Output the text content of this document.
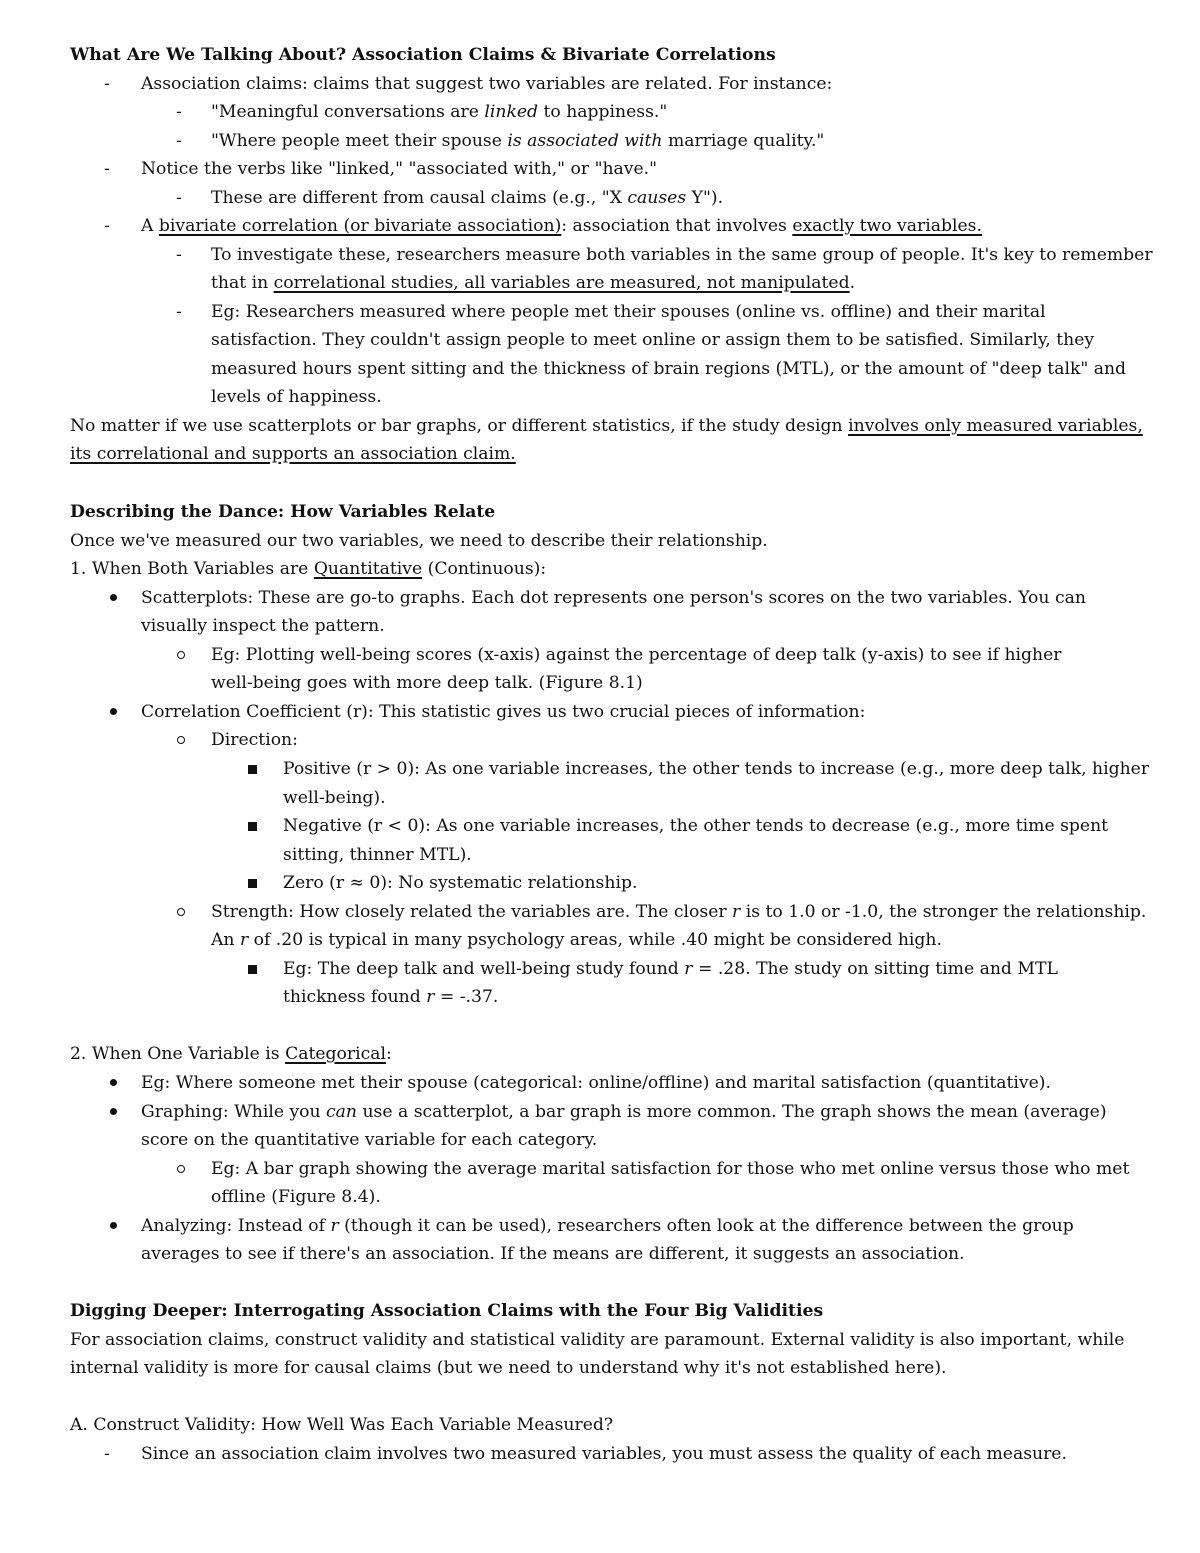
What Are We Talking About? Association Claims & Bivariate Correlations
- Association claims: claims that suggest two variables are related. For instance:
- "Meaningful conversations are linked to happiness."
- "Where people meet their spouse is associated with marriage quality."
- Notice the verbs like "linked," "associated with," or "have."
- These are different from causal claims (e.g., "X causes Y").
- A bivariate correlation (or bivariate association): association that involves exactly two variables.
- To investigate these, researchers measure both variables in the same group of people. It's key to remember
that in correlational studies, all variables are measured, not manipulated.
- Eg: Researchers measured where people met their spouses (online vs. offline) and their marital
satisfaction. They couldn't assign people to meet online or assign them to be satisfied. Similarly, they
measured hours spent sitting and the thickness of brain regions (MTL), or the amount of "deep talk" and
levels of happiness.
No matter if we use scatterplots or bar graphs, or different statistics, if the study design involves only measured variables,
its correlational and supports an association claim.
Describing the Dance: How Variables Relate
Once we've measured our two variables, we need to describe their relationship.
1. When Both Variables are Quantitative (Continuous):
Scatterplots: These are go-to graphs. Each dot represents one person's scores on the two variables. You can
visually inspect the pattern.
Eg: Plotting well-being scores (x-axis) against the percentage of deep talk (y-axis) to see if higher
well-being goes with more deep talk. (Figure 8.1)
Correlation Coefficient (r): This statistic gives us two crucial pieces of information:
Direction:
Positive (r > 0): As one variable increases, the other tends to increase (e.g., more deep talk, higher
well-being).
Negative (r < 0): As one variable increases, the other tends to decrease (e.g., more time spent
sitting, thinner MTL).
Zero (r ≈ 0): No systematic relationship.
Strength: How closely related the variables are. The closer r is to 1.0 or -1.0, the stronger the relationship.
An r of .20 is typical in many psychology areas, while .40 might be considered high.
Eg: The deep talk and well-being study found r = .28. The study on sitting time and MTL
thickness found r = -.37.
2. When One Variable is Categorical:
Eg: Where someone met their spouse (categorical: online/offline) and marital satisfaction (quantitative).
Graphing: While you can use a scatterplot, a bar graph is more common. The graph shows the mean (average)
score on the quantitative variable for each category.
Eg: A bar graph showing the average marital satisfaction for those who met online versus those who met
offline (Figure 8.4).
Analyzing: Instead of r (though it can be used), researchers often look at the difference between the group
averages to see if there's an association. If the means are different, it suggests an association.
Digging Deeper: Interrogating Association Claims with the Four Big Validities
For association claims, construct validity and statistical validity are paramount. External validity is also important, while
internal validity is more for causal claims (but we need to understand why it's not established here).
A. Construct Validity: How Well Was Each Variable Measured?
- Since an association claim involves two measured variables, you must assess the quality of each measure.
